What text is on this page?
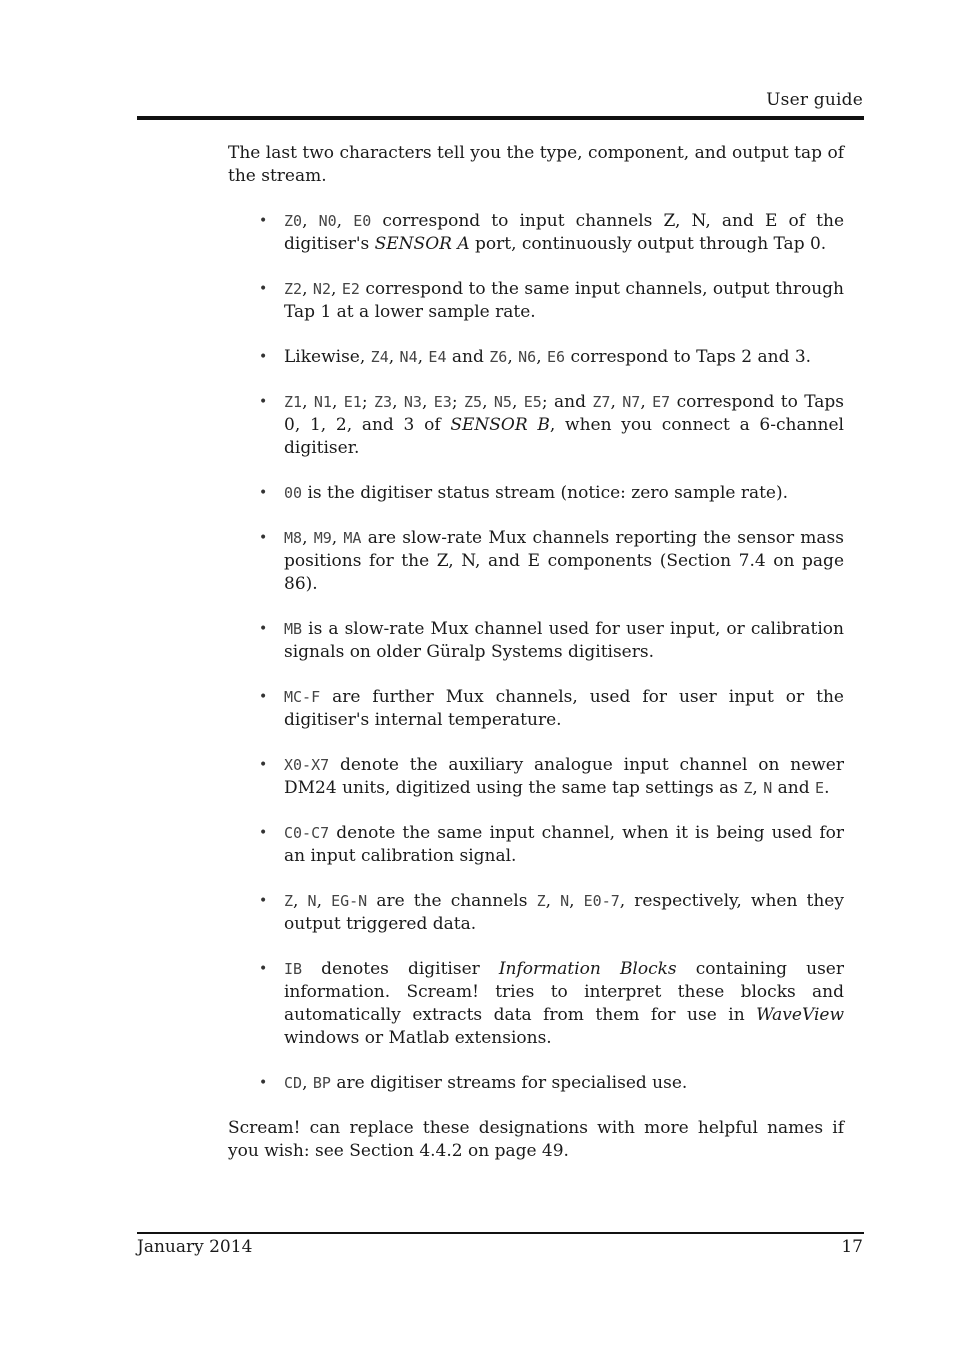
User guide

The last two characters tell you the type, component, and output tap of the stream.

• Z0, N0, E0 correspond to input channels Z, N, and E of the digitiser's SENSOR A port, continuously output through Tap 0.
• Z2, N2, E2 correspond to the same input channels, output through Tap 1 at a lower sample rate.
• Likewise, Z4, N4, E4 and Z6, N6, E6 correspond to Taps 2 and 3.
• Z1, N1, E1; Z3, N3, E3; Z5, N5, E5; and Z7, N7, E7 correspond to Taps 0, 1, 2, and 3 of SENSOR B, when you connect a 6-channel digitiser.
• 00 is the digitiser status stream (notice: zero sample rate).
• M8, M9, MA are slow-rate Mux channels reporting the sensor mass positions for the Z, N, and E components (Section 7.4 on page 86).
• MB is a slow-rate Mux channel used for user input, or calibration signals on older Güralp Systems digitisers.
• MC-F are further Mux channels, used for user input or the digitiser's internal temperature.
• X0-X7 denote the auxiliary analogue input channel on newer DM24 units, digitized using the same tap settings as Z, N and E.
• C0-C7 denote the same input channel, when it is being used for an input calibration signal.
• Z, N, EG-N are the channels Z, N, E0-7, respectively, when they output triggered data.
• IB denotes digitiser Information Blocks containing user information. Scream! tries to interpret these blocks and automatically extracts data from them for use in WaveView windows or Matlab extensions.
• CD, BP are digitiser streams for specialised use.

Scream! can replace these designations with more helpful names if you wish: see Section 4.4.2 on page 49.

January 2014	17
